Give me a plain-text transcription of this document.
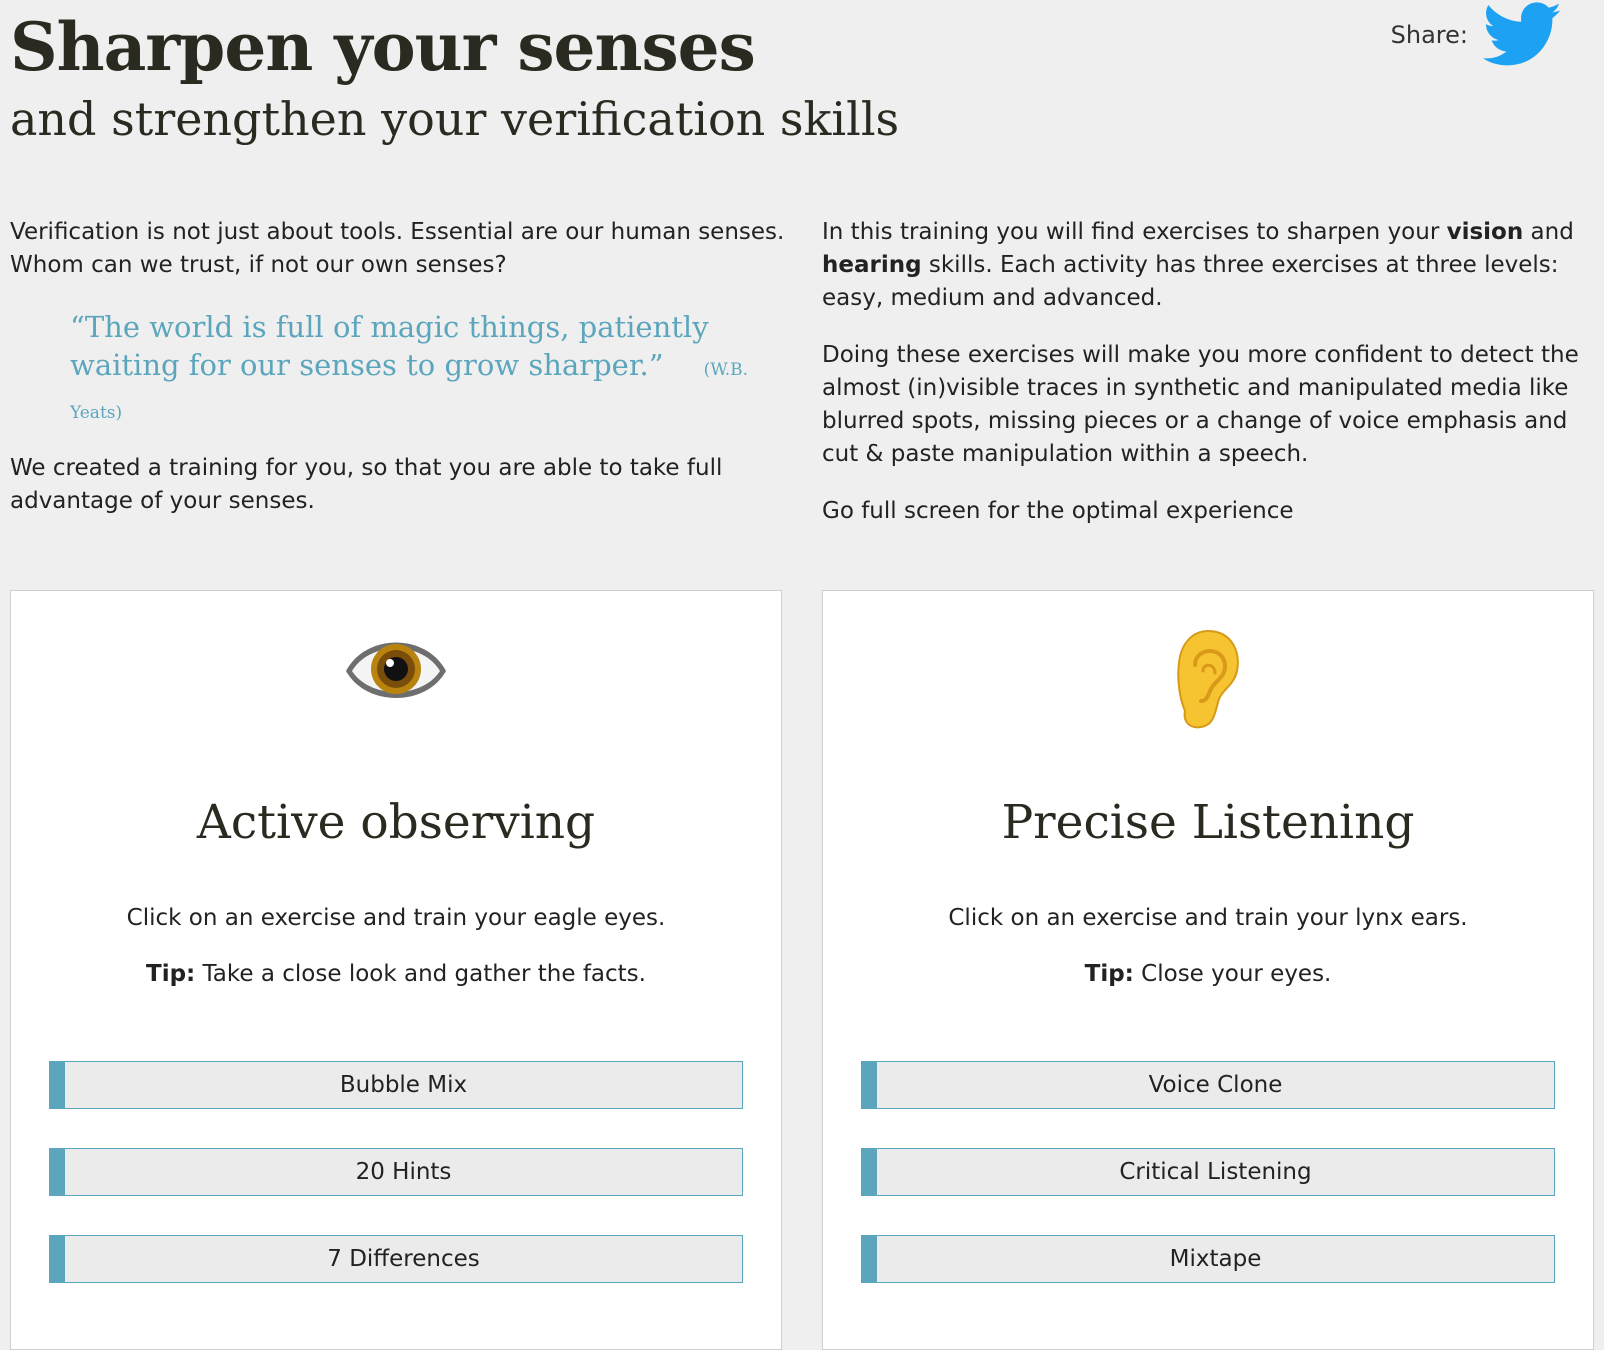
Sharpen your senses
and strengthen your verification skills
Share:

Verification is not just about tools. Essential are our human senses. Whom can we trust, if not our own senses?

“The world is full of magic things, patiently waiting for our senses to grow sharper.” (W.B. Yeats)

We created a training for you, so that you are able to take full advantage of your senses.

In this training you will find exercises to sharpen your vision and hearing skills. Each activity has three exercises at three levels: easy, medium and advanced.

Doing these exercises will make you more confident to detect the almost (in)visible traces in synthetic and manipulated media like blurred spots, missing pieces or a change of voice emphasis and cut & paste manipulation within a speech.

Go full screen for the optimal experience

Active observing
Click on an exercise and train your eagle eyes.
Tip: Take a close look and gather the facts.
Bubble Mix
20 Hints
7 Differences
Precise Listening
Click on an exercise and train your lynx ears.
Tip: Close your eyes.
Voice Clone
Critical Listening
Mixtape
